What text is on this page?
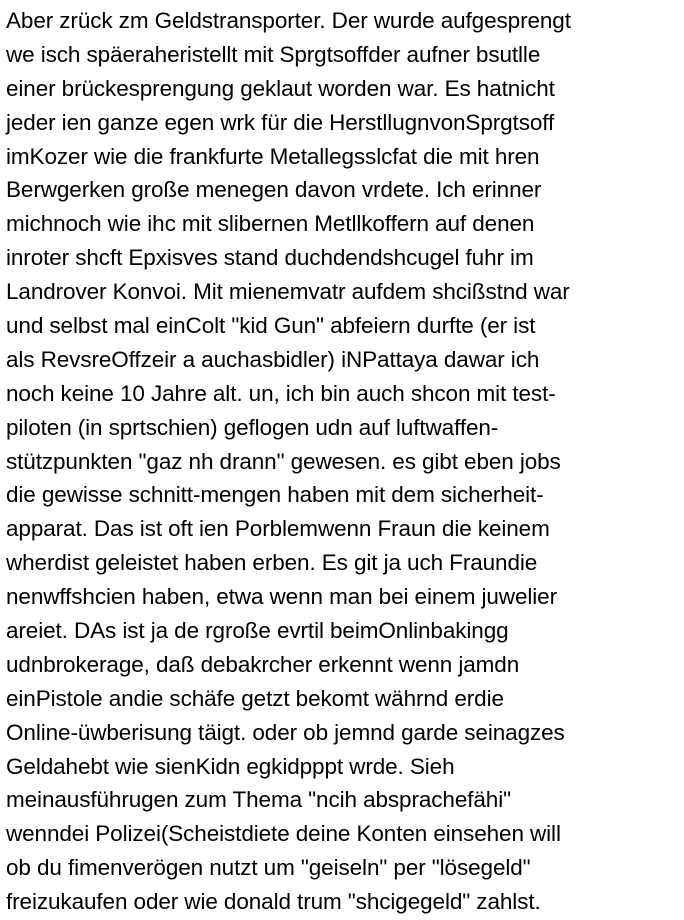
Aber zrück zm Geldstransporter. Der wurde aufgesprengt
we isch späeraheristellt mit Sprgtsoffder aufner bsutlle
einer brückesprengung geklaut worden war. Es hatnicht
jeder ien ganze egen wrk für die HerstllugnvonSprgtsoff
imKozer wie die frankfurte Metallegsslcfat die mit hren
Berwgerken große menegen davon vrdete. Ich erinner
michnoch wie ihc mit slibernen Metllkoffern auf denen
inroter shcft Epxisves stand duchdendshcugel fuhr im
Landrover Konvoi. Mit mienemvatr aufdem shcißstnd war
und selbst mal einColt "kid Gun" abfeiern durfte (er ist
als RevsreOffzeir a auchasbidler) iNPattaya dawar ich
noch keine 10 Jahre alt. un, ich bin auch shcon mit test-
piloten (in sprtschien) geflogen udn auf luftwaffen-
stützpunkten "gaz nh drann" gewesen. es gibt eben jobs
die gewisse schnitt-mengen haben mit dem sicherheit-
apparat. Das ist oft ien Porblemwenn Fraun die keinem
wherdist geleistet haben erben. Es git ja uch Fraundie
nenwffshcien haben, etwa wenn man bei einem juwelier
areiet. DAs ist ja de rgroße evrtil beimOnlinbakingg
udnbrokerage, daß debakrcher erkennt wenn jamdn
einPistole andie schäfe getzt bekomt währnd erdie
Online-üwberisung täigt. oder ob jemnd garde seinagzes
Geldahebt wie sienKidn egkidpppt wrde. Sieh
meinausführugen zum Thema "ncih absprachefähi"
wenndei Polizei(Scheistdiete deine Konten einsehen will
ob du fimenverögen nutzt um "geiseln" per "lösegeld"
freizukaufen oder wie donald trum "shcigegeld" zahlst.
